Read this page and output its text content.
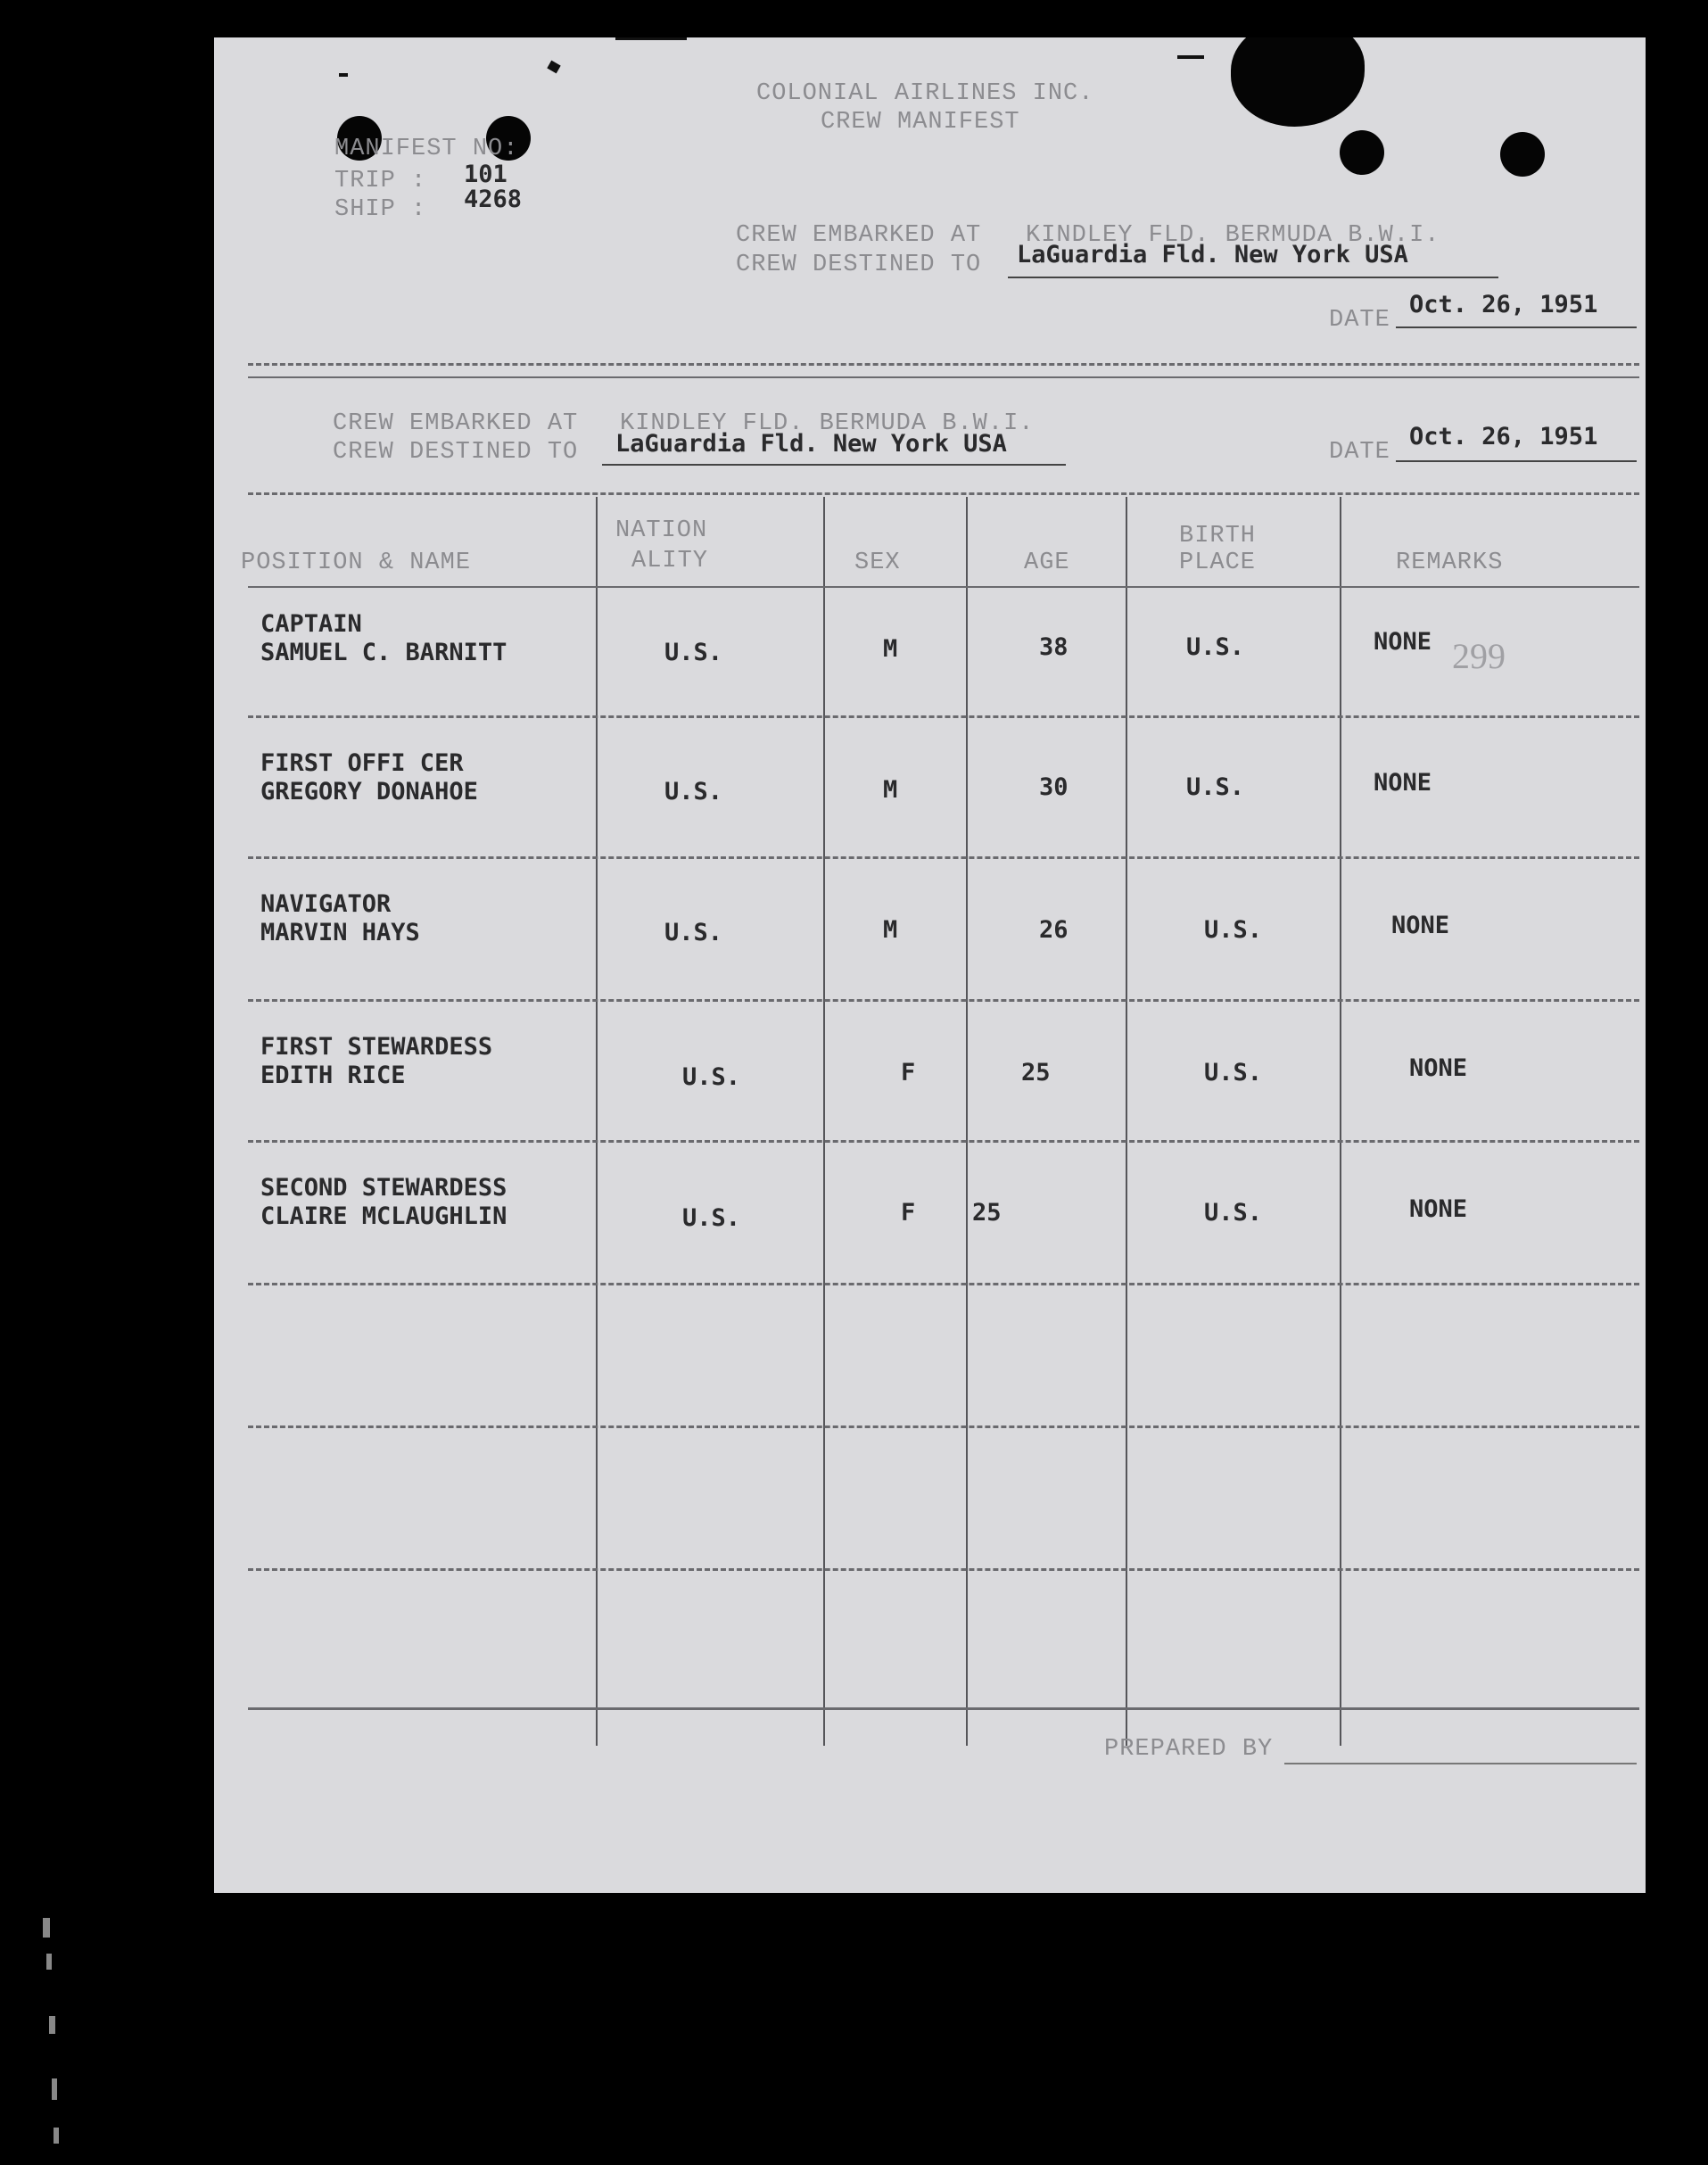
COLONIAL AIRLINES INC.
CREW MANIFEST
MANIFEST NO:
TRIP : 101
SHIP : 4268
CREW EMBARKED AT KINDLEY FLD. BERMUDA B.W.I.
CREW DESTINED TO LaGuardia Fld. New York USA
DATE
Oct. 26, 1951
CREW EMBARKED AT KINDLEY FLD. BERMUDA B.W.I.
CREW DESTINED TO LaGuardia Fld. New York USA	DATE
Oct. 26, 1951
POSITION & NAME
NATION
ALITY	SEX	AGE
BIRTH
PLACE	REMARKS
CAPTAIN
SAMUEL C. BARNITT	U.S.	M	38	U.S.	NONE 299
FIRST OFFI CER
GREGORY DONAHOE	U.S.	M	30	U.S.	NONE
NAVIGATOR
MARVIN HAYS	U.S.	M	26	U.S.	NONE
FIRST STEWARDESS
EDITH RICE	U.S.	F	25	U.S.	NONE
SECOND STEWARDESS
CLAIRE MCLAUGHLIN	U.S.	F 25	U.S.	NONE
PREPARED BY
